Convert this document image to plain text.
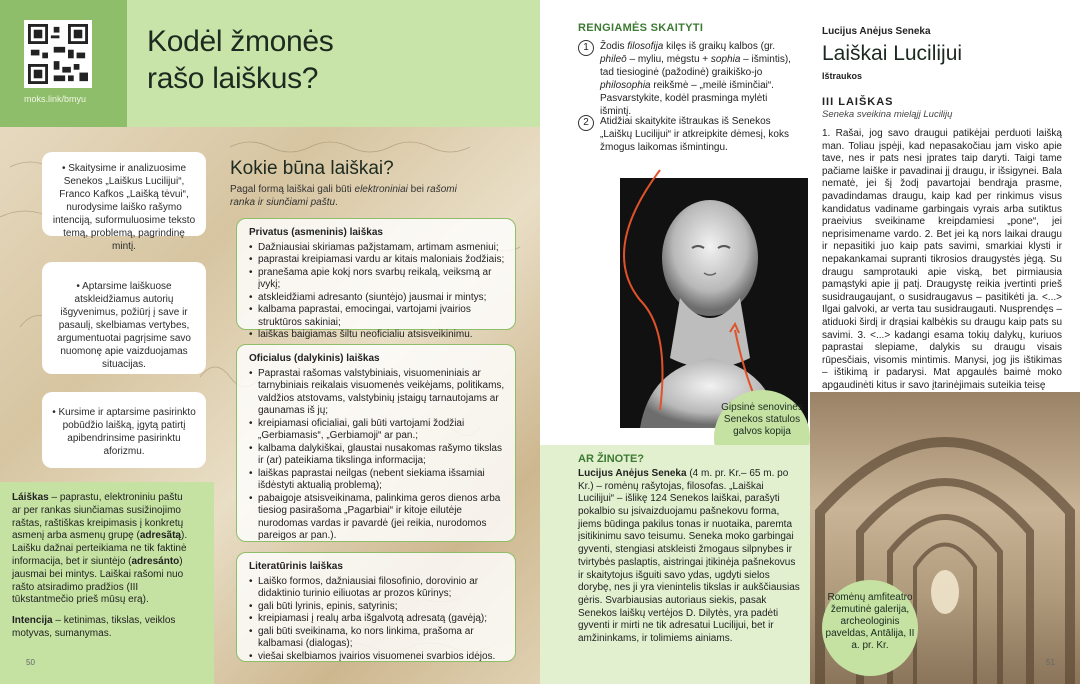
moks.link/bmyu
Kodėl žmonės
rašo laiškus?
• Skaitysime ir analizuosime Senekos „Laiškus Lucilijui“, Franco Kafkos „Laišką tėvui“, nurodysime laiško rašymo intenciją, suformuluosime teksto temą, problemą, pagrindinę mintį.
• Aptarsime laiškuose atskleidžiamus autorių išgyvenimus, požiūrį į save ir pasaulį, skelbiamas vertybes, argumentuotai pagrįsime savo nuomonę apie vaizduojamas situacijas.
• Kursime ir aptarsime pasirinkto pobūdžio laišką, įgytą patirtį apibendrinsime pasirinktu aforizmu.

Láiškas – paprastu, elektroniniu paštu ar per rankas siunčiamas susižinojimo raštas, raštiškas kreipimasis į konkretų asmenį arba asmenų grupę (adresãtą). Laišku dažnai perteikiama ne tik faktinė informacija, bet ir siuntėjo (adresántо) jausmai bei mintys. Laiškai rašomi nuo rašto atsiradimo pradžios (III tūkstantmečio prieš mūsų erą).

Intencija – ketinimas, tikslas, veiklos motyvas, sumanymas.

50
Kokie būna laiškai?
Pagal formą laiškai gali būti elektroniniai bei rašomi ranka ir siunčiami paštu.
Privatus (asmeninis) laiškas
• Dažniausiai skiriamas pažįstamam, artimam asmeniui;
• paprastai kreipiamasi vardu ar kitais maloniais žodžiais;
• pranešama apie kokį nors svarbų reikalą, veiksmą ar įvykį;
• atskleidžiami adresanto (siuntėjo) jausmai ir mintys;
• kalbama paprastai, emocingai, vartojami įvairios struktūros sakiniai;
• laiškas baigiamas šiltu neoficialiu atsisveikinimu.
Oficialus (dalykinis) laiškas
• Paprastai rašomas valstybiniais, visuomeniniais ar tarnybiniais reikalais visuomenės veikėjams, politikams, valdžios atstovams, valstybinių įstaigų tarnautojams ar gaunamas iš jų;
• kreipiamasi oficialiai, gali būti vartojami žodžiai „Gerbiamasis“, „Gerbiamoji“ ar pan.;
• kalbama dalykiškai, glaustai nusakomas rašymo tikslas ir (ar) pateikiama tikslinga informacija;
• laiškas paprastai neilgas (nebent siekiama išsamiai išdėstyti aktualią problemą);
• pabaigoje atsisveikinama, palinkima geros dienos arba tiesiog pasirašoma „Pagarbiai“ ir kitoje eilutėje nurodomas vardas ir pavardė (jei reikia, nurodomos pareigos ar pan.).
Literatūrinis laiškas
• Laiško formos, dažniausiai filosofinio, dorovinio ar didaktinio turinio eiliuotas ar prozos kūrinys;
• gali būti lyrinis, epinis, satyrinis;
• kreipiamasi į realų arba išgalvotą adresatą (gavėją);
• gali būti sveikinama, ko nors linkima, prašoma ar kalbamasi (dialogas);
• viešai skelbiamos įvairios visuomenei svarbios idėjos.
RENGIAMĖS SKAITYTI
1
2
Žodis filosofija kilęs iš graikų kalbos (gr. phileō – myliu, mėgstu + sophia – išmintis), tad tiesioginė (pažodinė) graikiško-jo philosophia reikšmė – „meilė išminčiai“. Pasvarstykite, kodėl prasminga mylėti išmintį.
Atidžiai skaitykite ištraukas iš Senekos „Laiškų Lucilijui“ ir atkreipkite dėmesį, koks žmogus laikomas išmintingu.
Gipsinė senovinės Senekos statulos galvos kopija
AR ŽINOTE?
Lucijus Anėjus Seneka (4 m. pr. Kr.– 65 m. po Kr.) – romėnų rašytojas, filosofas. „Laiškai Lucilijui“ – išlikę 124 Senekos laiškai, parašyti pokalbio su įsivaizduojamu pašnekovu forma, jiems būdinga pakilus tonas ir nuotaika, paremta įsitikinimu savo teisumu. Seneka moko garbingai gyventi, stengiasi atskleisti žmogaus silpnybes ir tvirtybės paslaptis, aistringai įtikinėja pašnekovus ir skaitytojus išguiti savo ydas, ugdyti sielos dorybę, nes ji yra vienintelis tikslas ir aukščiausias gėris. Svarbiausias autoriaus siekis, pasak Senekos laiškų vertėjos D. Dilytės, yra padėti gyventi ir mirti ne tik adresatui Lucilijui, bet ir amžininkams, ir tolimiems ainiams.
Lucijus Anėjus Seneka
Laiškai Lucilijui
Ištraukos
III LAIŠKAS
Seneka sveikina mieląjį Lucilijų
1. Rašai, jog savo draugui patikėjai perduoti laišką man. Toliau įspėji, kad nepasakočiau jam visko apie tave, nes ir pats nesi įprates taip daryti. Taigi tame pačiame laiške ir pavadinai jį draugu, ir išsigynei. Bala nematė, jei šį žodį pavartojai bendrąja prasme, pavadindamas draugu, kaip kad per rinkimus visus kandidatus vadiname garbingais vyrais arba sutiktus praeivius sveikiname kreipdamiesi „pone“, jei neprisimename vardo. 2. Bet jei ką nors laikai draugu ir nepasitiki juo kaip pats savimi, smarkiai klysti ir nepakankamai supranti tikrosios draugystės jėgą. Su draugu samprotauki apie viską, bet pirmiausia pamąstyki apie jį patį. Draugystę reikia įvertinti prieš susidraugaujant, o susidraugavus – pasitikėti ja. <...> Ilgai galvoki, ar verta tau susidraugauti. Nusprendęs – atiduoki širdį ir drąsiai kalbėkis su draugu kaip pats su savimi. 3. <...> kadangi esama tokių dalykų, kuriuos paprastai slepiame, dalykis su draugu visais rūpesčiais, visomis mintimis. Manysi, jog jis ištikimas – ištikimą ir padarysi. Mat apgaulės baimė moko apgaudinėti kitus ir savo įtarinėjimais suteikia teisę
Romėnų amfiteatro žemutinė galerija, archeologinis paveldas, Antālija, II a. pr. Kr.
51
